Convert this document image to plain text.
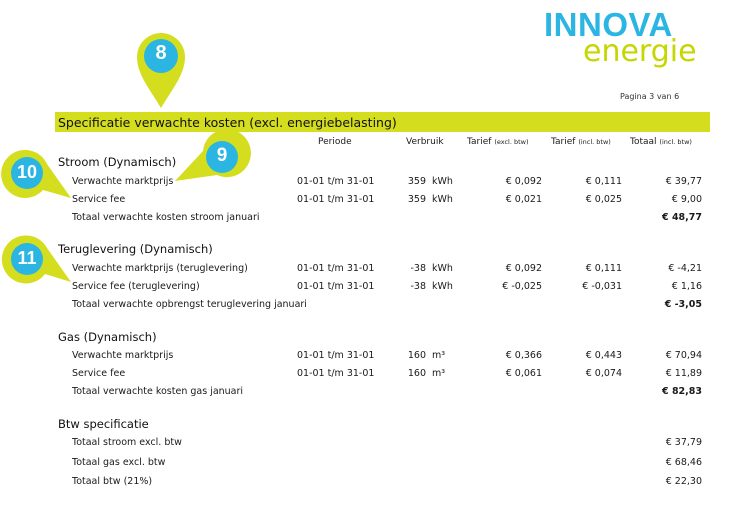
INNOVA
energie
Pagina 3 van 6
Specificatie verwachte kosten (excl. energiebelasting)
Periode	Verbruik	Tarief (excl. btw) Tarief (incl. btw) Totaal (incl. btw)
Stroom (Dynamisch)
Verwachte marktprijs	01-01 t/m 31-01	359 kWh	€ 0,092	€ 0,111	€ 39,77
Service fee	01-01 t/m 31-01	359 kWh	€ 0,021	€ 0,025	€ 9,00
Totaal verwachte kosten stroom januari	€ 48,77
Teruglevering (Dynamisch)
Verwachte marktprijs (teruglevering)	01-01 t/m 31-01	-38 kWh	€ 0,092	€ 0,111	€ -4,21
Service fee (teruglevering)	01-01 t/m 31-01	-38 kWh	€ -0,025	€ -0,031	€ 1,16
Totaal verwachte opbrengst teruglevering januari	€ -3,05
Gas (Dynamisch)
Verwachte marktprijs	01-01 t/m 31-01	160 m³	€ 0,366	€ 0,443	€ 70,94
Service fee	01-01 t/m 31-01	160 m³	€ 0,061	€ 0,074	€ 11,89
Totaal verwachte kosten gas januari	€ 82,83
Btw specificatie
Totaal stroom excl. btw	€ 37,79
Totaal gas excl. btw	€ 68,46
Totaal btw (21%)	€ 22,30
8
9
10
11
